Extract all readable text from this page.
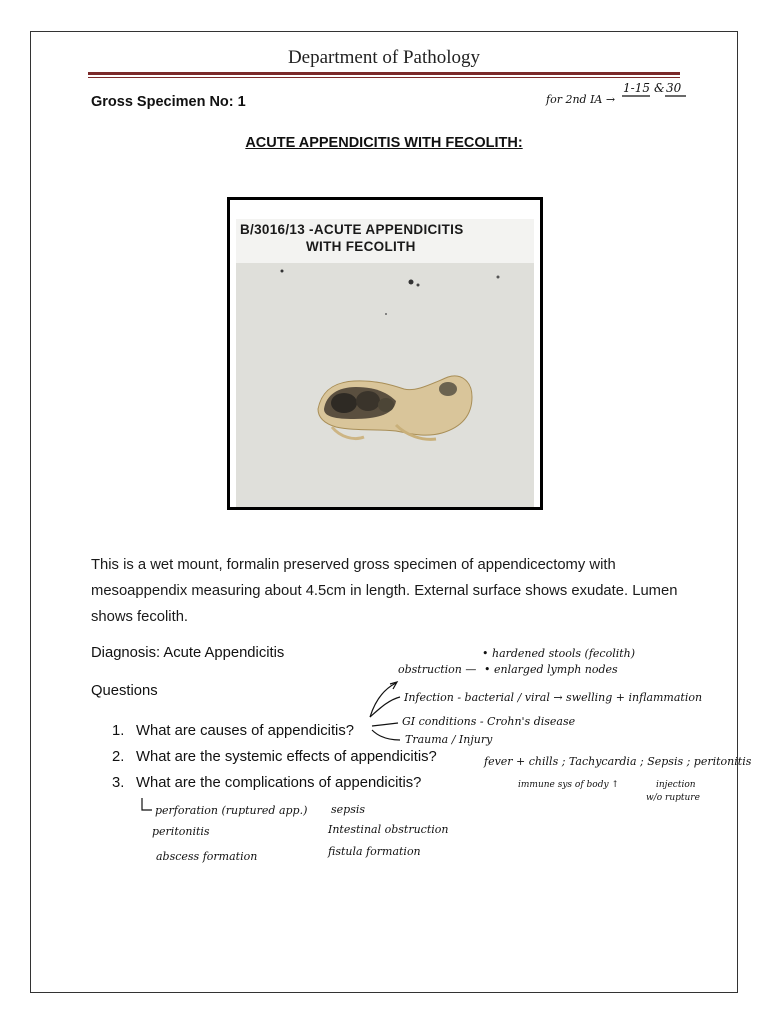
Department of Pathology
Gross Specimen No: 1
ACUTE APPENDICITIS WITH FECOLITH:
B/3016/13 -ACUTE APPENDICITIS
WITH FECOLITH
This is a wet mount, formalin preserved gross specimen of appendicectomy with mesoappendix measuring about 4.5cm in length. External surface shows exudate. Lumen shows fecolith.
Diagnosis: Acute Appendicitis
Questions
1. What are causes of appendicitis?
2. What are the systemic effects of appendicitis?
3. What are the complications of appendicitis?
for 2nd IA →
1-15 & 30
• hardened stools (fecolith)
obstruction — • enlarged lymph nodes
Infection - bacterial / viral → swelling + inflammation
GI conditions - Crohn's disease
Trauma / Injury
fever + chills ; Tachycardia ; Sepsis ; peritonitis
immune sys of body ↑	injection
w/o rupture
perforation (ruptured app.) sepsis
peritonitis	Intestinal obstruction
abscess formation	fistula formation
